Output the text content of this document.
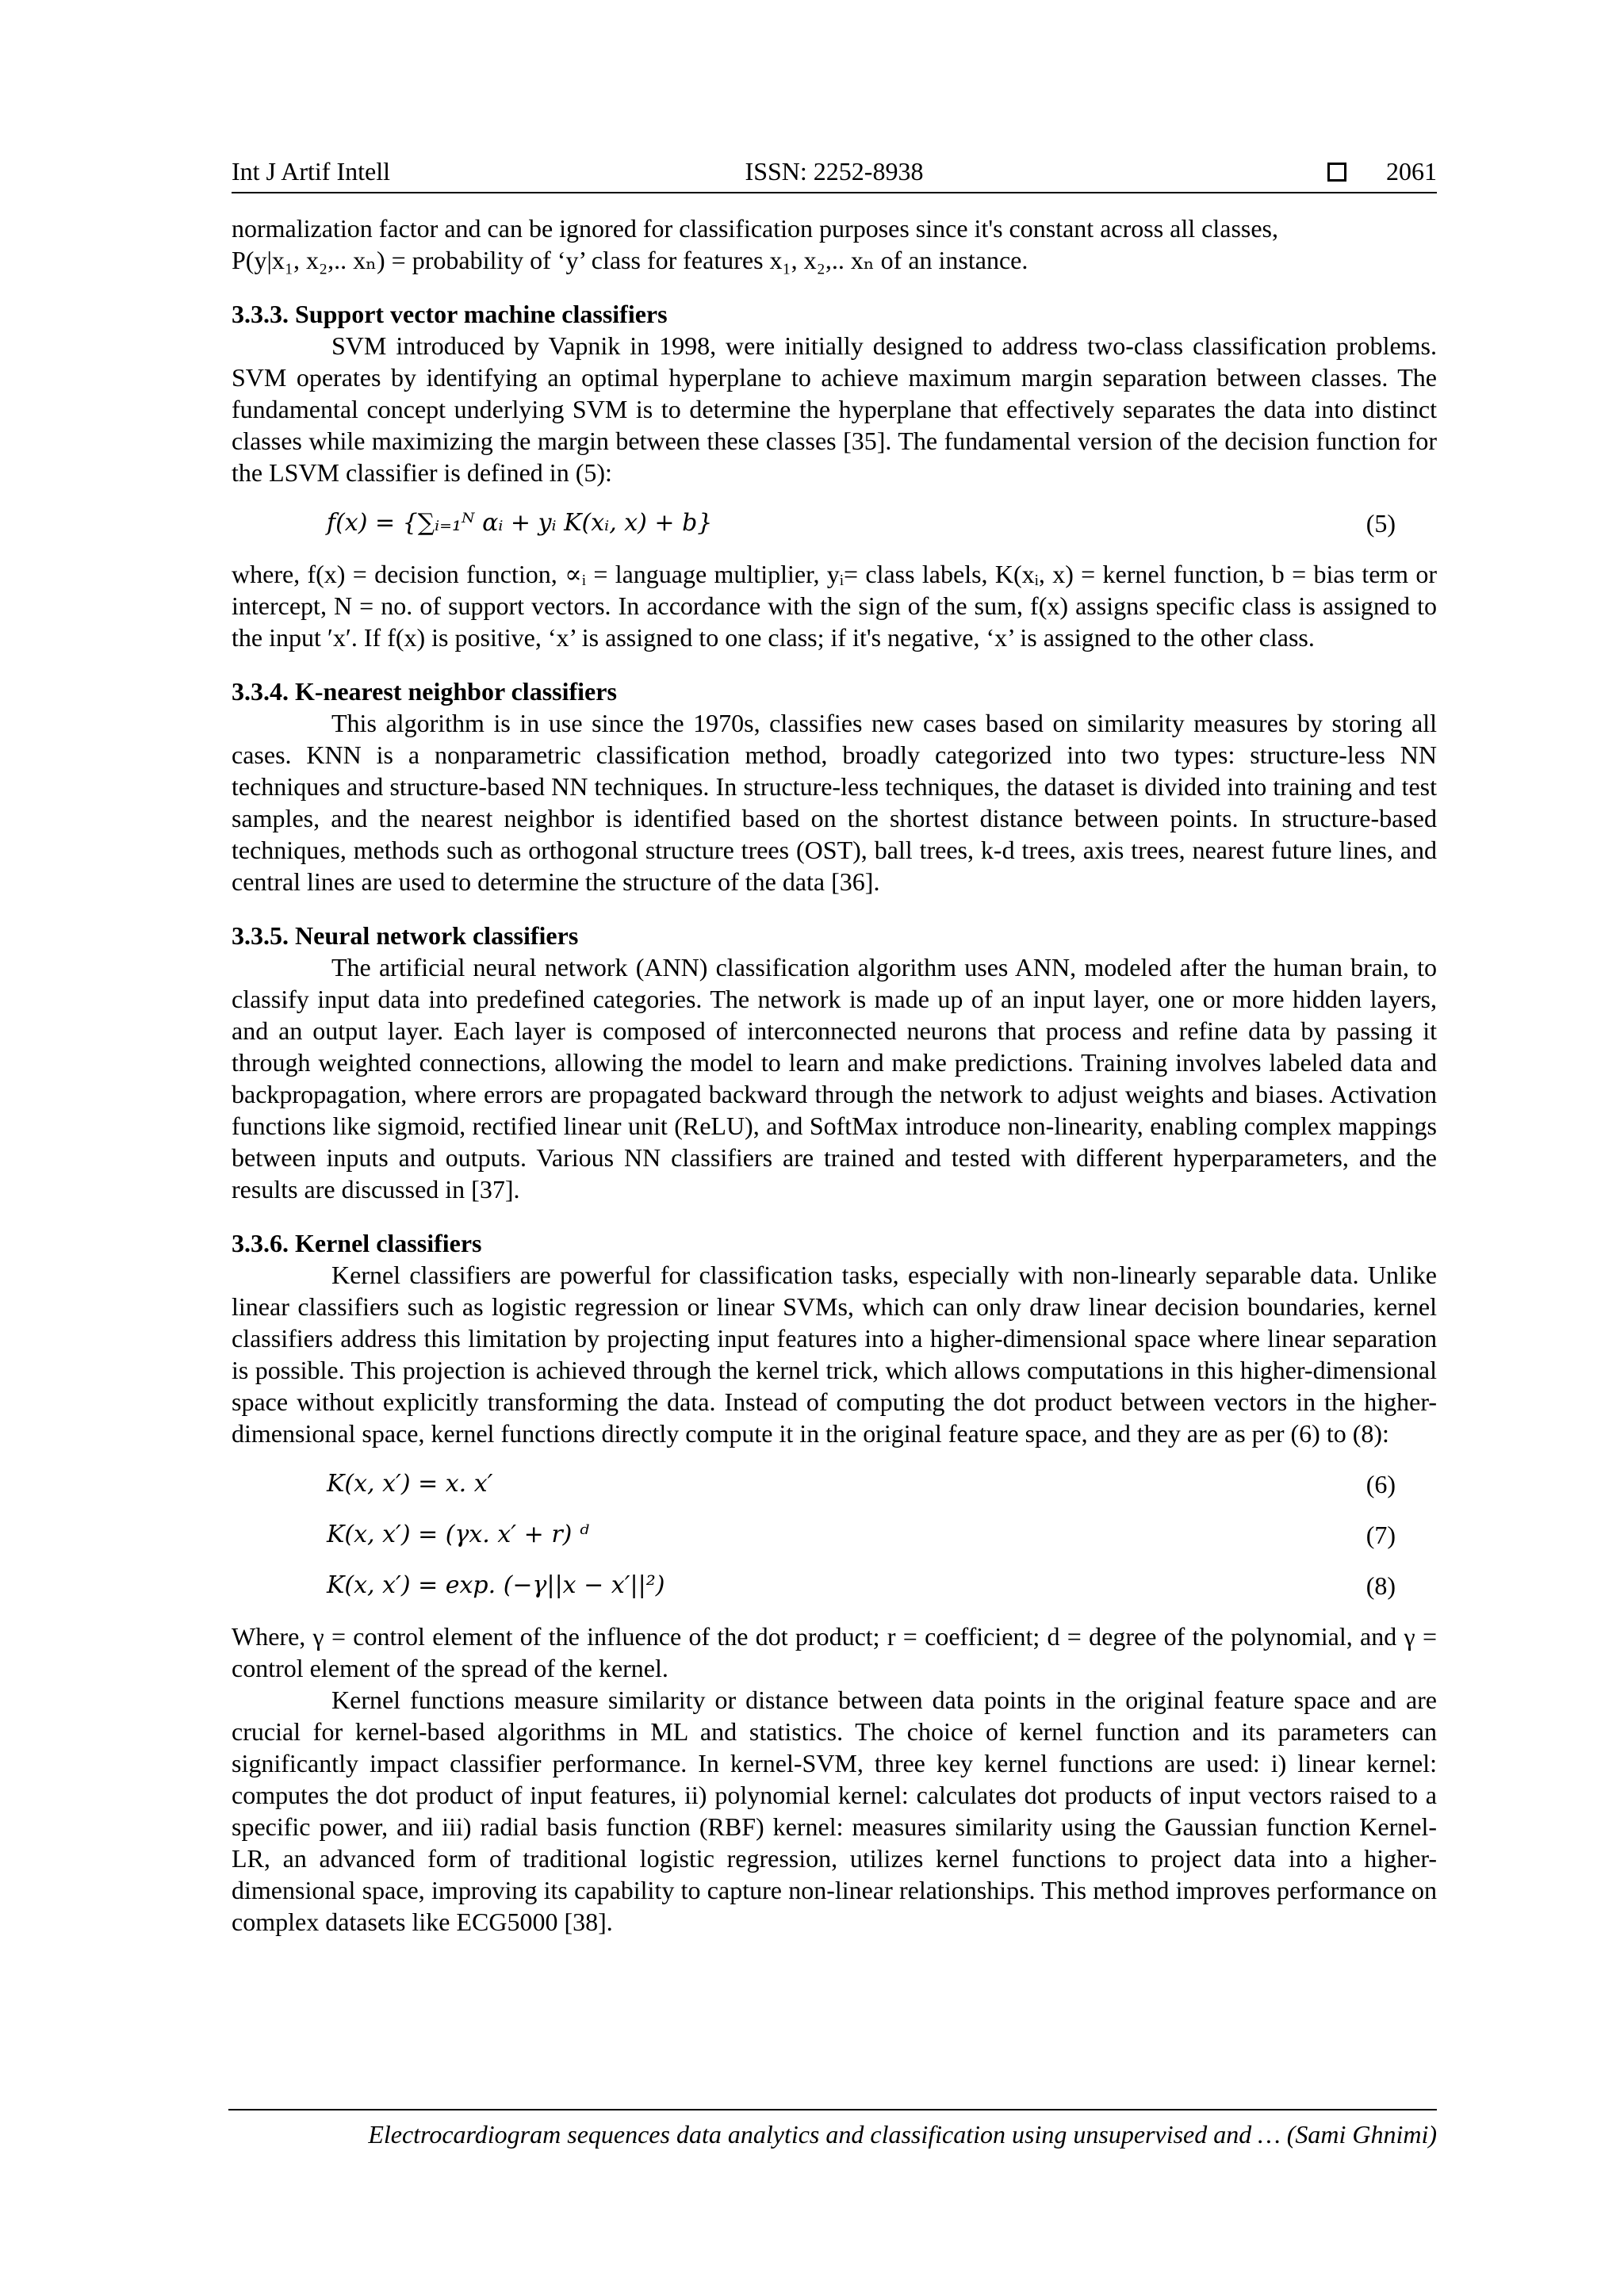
Int J Artif Intell	ISSN: 2252-8938	2061

normalization factor and can be ignored for classification purposes since it's constant across all classes,

P(y|x₁, x₂,.. xₙ) = probability of ‘y’ class for features x₁, x₂,.. xₙ of an instance.

3.3.3. Support vector machine classifiers

SVM introduced by Vapnik in 1998, were initially designed to address two-class classification problems. SVM operates by identifying an optimal hyperplane to achieve maximum margin separation between classes. The fundamental concept underlying SVM is to determine the hyperplane that effectively separates the data into distinct classes while maximizing the margin between these classes [35]. The fundamental version of the decision function for the LSVM classifier is defined in (5):

f(x) = {∑ᵢ₌₁ᴺ αᵢ + yᵢ K(xᵢ, x) + b}	(5)

where, f(x) = decision function, ∝ᵢ = language multiplier, yᵢ= class labels, K(xᵢ, x) = kernel function, b = bias term or intercept, N = no. of support vectors. In accordance with the sign of the sum, f(x) assigns specific class is assigned to the input ′x′. If f(x) is positive, ‘x’ is assigned to one class; if it's negative, ‘x’ is assigned to the other class.

3.3.4. K-nearest neighbor classifiers

This algorithm is in use since the 1970s, classifies new cases based on similarity measures by storing all cases. KNN is a nonparametric classification method, broadly categorized into two types: structure-less NN techniques and structure-based NN techniques. In structure-less techniques, the dataset is divided into training and test samples, and the nearest neighbor is identified based on the shortest distance between points. In structure-based techniques, methods such as orthogonal structure trees (OST), ball trees, k-d trees, axis trees, nearest future lines, and central lines are used to determine the structure of the data [36].

3.3.5. Neural network classifiers

The artificial neural network (ANN) classification algorithm uses ANN, modeled after the human brain, to classify input data into predefined categories. The network is made up of an input layer, one or more hidden layers, and an output layer. Each layer is composed of interconnected neurons that process and refine data by passing it through weighted connections, allowing the model to learn and make predictions. Training involves labeled data and backpropagation, where errors are propagated backward through the network to adjust weights and biases. Activation functions like sigmoid, rectified linear unit (ReLU), and SoftMax introduce non-linearity, enabling complex mappings between inputs and outputs. Various NN classifiers are trained and tested with different hyperparameters, and the results are discussed in [37].

3.3.6. Kernel classifiers

Kernel classifiers are powerful for classification tasks, especially with non-linearly separable data. Unlike linear classifiers such as logistic regression or linear SVMs, which can only draw linear decision boundaries, kernel classifiers address this limitation by projecting input features into a higher-dimensional space where linear separation is possible. This projection is achieved through the kernel trick, which allows computations in this higher-dimensional space without explicitly transforming the data. Instead of computing the dot product between vectors in the higher-dimensional space, kernel functions directly compute it in the original feature space, and they are as per (6) to (8):

K(x, x′) = x. x′	(6)
K(x, x′) = (γx. x′ + r) ᵈ	(7)
K(x, x′) = exp. (−γ||x − x′||²)	(8)

Where, γ = control element of the influence of the dot product; r = coefficient; d = degree of the polynomial, and γ = control element of the spread of the kernel.

Kernel functions measure similarity or distance between data points in the original feature space and are crucial for kernel-based algorithms in ML and statistics. The choice of kernel function and its parameters can significantly impact classifier performance. In kernel-SVM, three key kernel functions are used: i) linear kernel: computes the dot product of input features, ii) polynomial kernel: calculates dot products of input vectors raised to a specific power, and iii) radial basis function (RBF) kernel: measures similarity using the Gaussian function Kernel-LR, an advanced form of traditional logistic regression, utilizes kernel functions to project data into a higher-dimensional space, improving its capability to capture non-linear relationships. This method improves performance on complex datasets like ECG5000 [38].

Electrocardiogram sequences data analytics and classification using unsupervised and … (Sami Ghnimi)
